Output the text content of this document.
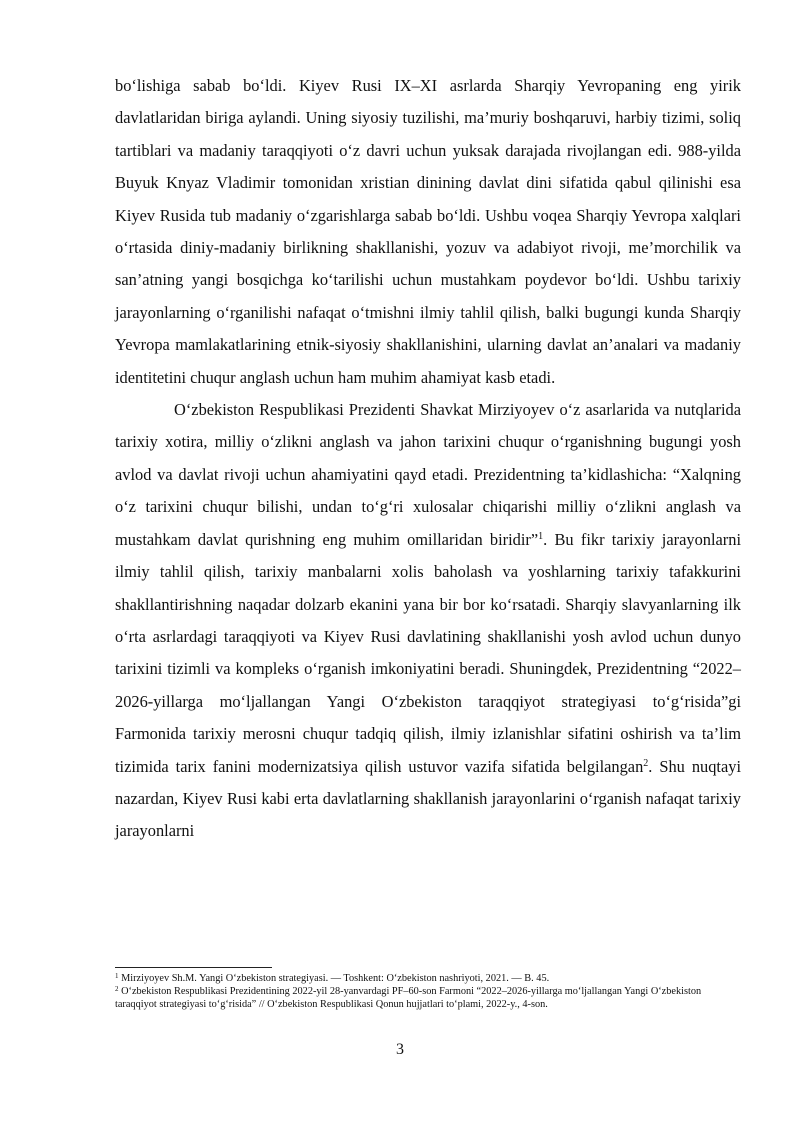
bo‘lishiga sabab bo‘ldi. Kiyev Rusi IX–XI asrlarda Sharqiy Yevropaning eng yirik davlatlaridan biriga aylandi. Uning siyosiy tuzilishi, ma’muriy boshqaruvi, harbiy tizimi, soliq tartiblari va madaniy taraqqiyoti o‘z davri uchun yuksak darajada rivojlangan edi. 988-yilda Buyuk Knyaz Vladimir tomonidan xristian dinining davlat dini sifatida qabul qilinishi esa Kiyev Rusida tub madaniy o‘zgarishlarga sabab bo‘ldi. Ushbu voqea Sharqiy Yevropa xalqlari o‘rtasida diniy-madaniy birlikning shakllanishi, yozuv va adabiyot rivoji, me’morchilik va san’atning yangi bosqichga ko‘tarilishi uchun mustahkam poydevor bo‘ldi. Ushbu tarixiy jarayonlarning o‘rganilishi nafaqat o‘tmishni ilmiy tahlil qilish, balki bugungi kunda Sharqiy Yevropa mamlakatlarining etnik-siyosiy shakllanishini, ularning davlat an’analari va madaniy identitetini chuqur anglash uchun ham muhim ahamiyat kasb etadi.

O‘zbekiston Respublikasi Prezidenti Shavkat Mirziyoyev o‘z asarlarida va nutqlarida tarixiy xotira, milliy o‘zlikni anglash va jahon tarixini chuqur o‘rganishning bugungi yosh avlod va davlat rivoji uchun ahamiyatini qayd etadi. Prezidentning ta’kidlashicha: “Xalqning o‘z tarixini chuqur bilishi, undan to‘g‘ri xulosalar chiqarishi milliy o‘zlikni anglash va mustahkam davlat qurishning eng muhim omillaridan biridir”$^1$. Bu fikr tarixiy jarayonlarni ilmiy tahlil qilish, tarixiy manbalarni xolis baholash va yoshlarning tarixiy tafakkurini shakllantirishning naqadar dolzarb ekanini yana bir bor ko‘rsatadi. Sharqiy slavyanlarning ilk o‘rta asrlardagi taraqqiyoti va Kiyev Rusi davlatining shakllanishi yosh avlod uchun dunyo tarixini tizimli va kompleks o‘rganish imkoniyatini beradi. Shuningdek, Prezidentning “2022–2026-yillarga mo‘ljallangan Yangi O‘zbekiston taraqqiyot strategiyasi to‘g‘risida”gi Farmonida tarixiy merosni chuqur tadqiq qilish, ilmiy izlanishlar sifatini oshirish va ta’lim tizimida tarix fanini modernizatsiya qilish ustuvor vazifa sifatida belgilangan$^2$. Shu nuqtayi nazardan, Kiyev Rusi kabi erta davlatlarning shakllanish jarayonlarini o‘rganish nafaqat tarixiy jarayonlarni

$^1$ Mirziyoyev Sh.M. Yangi O‘zbekiston strategiyasi. — Toshkent: O‘zbekiston nashriyoti, 2021. — B. 45.

$^2$ O‘zbekiston Respublikasi Prezidentining 2022-yil 28-yanvardagi PF–60-son Farmoni “2022–2026-yillarga mo‘ljallangan Yangi O‘zbekiston taraqqiyot strategiyasi to‘g‘risida” // O‘zbekiston Respublikasi Qonun hujjatlari to‘plami, 2022-y., 4-son.

3
